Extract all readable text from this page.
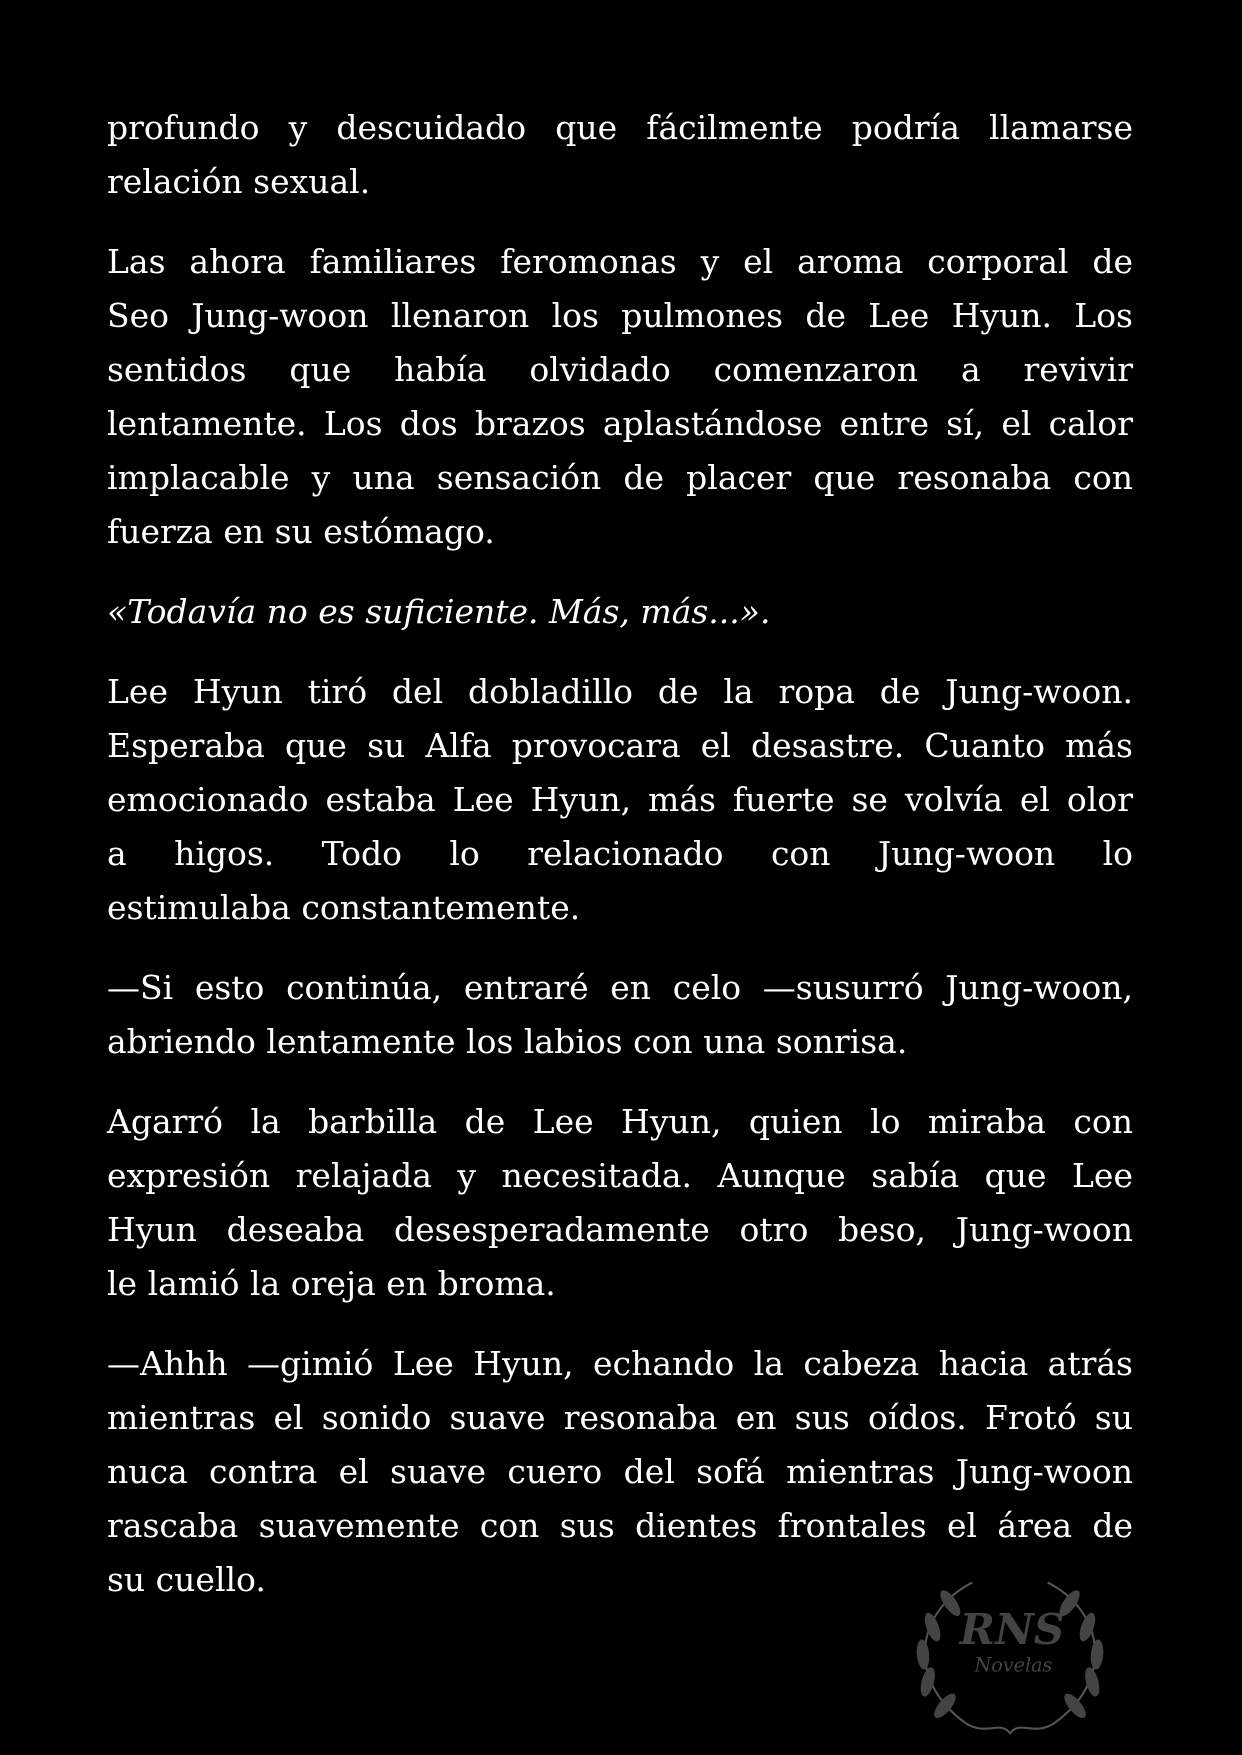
RNS
Novelas
profundo y descuidado que fácilmente podría llamarse
relación sexual.
Las ahora familiares feromonas y el aroma corporal de
Seo Jung-woon llenaron los pulmones de Lee Hyun. Los
sentidos que había olvidado comenzaron a revivir
lentamente. Los dos brazos aplastándose entre sí, el calor
implacable y una sensación de placer que resonaba con
fuerza en su estómago.
«Todavía no es suficiente. Más, más...».
Lee Hyun tiró del dobladillo de la ropa de Jung-woon.
Esperaba que su Alfa provocara el desastre. Cuanto más
emocionado estaba Lee Hyun, más fuerte se volvía el olor
a higos. Todo lo relacionado con Jung-woon lo
estimulaba constantemente.
—Si esto continúa, entraré en celo —susurró Jung-woon,
abriendo lentamente los labios con una sonrisa.
Agarró la barbilla de Lee Hyun, quien lo miraba con
expresión relajada y necesitada. Aunque sabía que Lee
Hyun deseaba desesperadamente otro beso, Jung-woon
le lamió la oreja en broma.
—Ahhh —gimió Lee Hyun, echando la cabeza hacia atrás
mientras el sonido suave resonaba en sus oídos. Frotó su
nuca contra el suave cuero del sofá mientras Jung-woon
rascaba suavemente con sus dientes frontales el área de
su cuello.
